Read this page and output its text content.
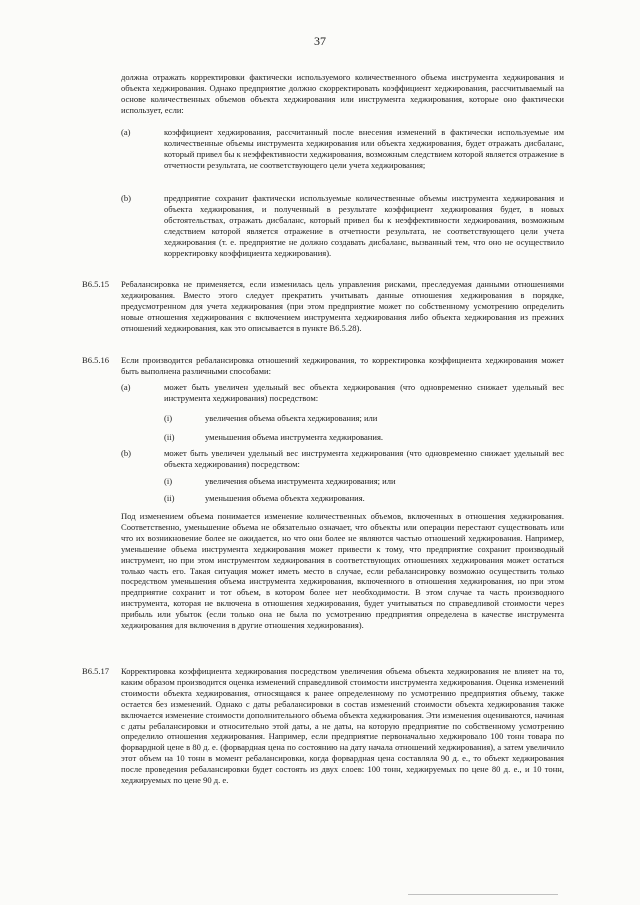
37
должна отражать корректировки фактически используемого количественного объема инструмента хеджирования и объекта хеджирования. Однако предприятие должно скорректировать коэффициент хеджирования, рассчитываемый на основе количественных объемов объекта хеджирования или инструмента хеджирования, которые оно фактически использует, если:
(a)	коэффициент хеджирования, рассчитанный после внесения изменений в фактически используемые им количественные объемы инструмента хеджирования или объекта хеджирования, будет отражать дисбаланс, который привел бы к неэффективности хеджирования, возможным следствием которой является отражение в отчетности результата, не соответствующего цели учета хеджирования;
(b)	предприятие сохранит фактически используемые количественные объемы инструмента хеджирования и объекта хеджирования, и полученный в результате коэффициент хеджирования будет, в новых обстоятельствах, отражать дисбаланс, который привел бы к неэффективности хеджирования, возможным следствием которой является отражение в отчетности результата, не соответствующего цели учета хеджирования (т. е. предприятие не должно создавать дисбаланс, вызванный тем, что оно не осуществило корректировку коэффициента хеджирования).
B6.5.15 Ребалансировка не применяется, если изменилась цель управления рисками, преследуемая данными отношениями хеджирования. Вместо этого следует прекратить учитывать данные отношения хеджирования в порядке, предусмотренном для учета хеджирования (при этом предприятие может по собственному усмотрению определить новые отношения хеджирования с включением инструмента хеджирования либо объекта хеджирования из прежних отношений хеджирования, как это описывается в пункте B6.5.28).
B6.5.16 Если производится ребалансировка отношений хеджирования, то корректировка коэффициента хеджирования может быть выполнена различными способами:
(a)	может быть увеличен удельный вес объекта хеджирования (что одновременно снижает удельный вес инструмента хеджирования) посредством:
(i)	увеличения объема объекта хеджирования; или
(ii)	уменьшения объема инструмента хеджирования.
(b)	может быть увеличен удельный вес инструмента хеджирования (что одновременно снижает удельный вес объекта хеджирования) посредством:
(i)	увеличения объема инструмента хеджирования; или
(ii)	уменьшения объема объекта хеджирования.
Под изменением объема понимается изменение количественных объемов, включенных в отношения хеджирования. Соответственно, уменьшение объема не обязательно означает, что объекты или операции перестают существовать или что их возникновение более не ожидается, но что они более не являются частью отношений хеджирования. Например, уменьшение объема инструмента хеджирования может привести к тому, что предприятие сохранит производный инструмент, но при этом инструментом хеджирования в соответствующих отношениях хеджирования может остаться только часть его. Такая ситуация может иметь место в случае, если ребалансировку возможно осуществить только посредством уменьшения объема инструмента хеджирования, включенного в отношения хеджирования, но при этом предприятие сохранит и тот объем, в котором более нет необходимости. В этом случае та часть производного инструмента, которая не включена в отношения хеджирования, будет учитываться по справедливой стоимости через прибыль или убыток (если только она не была по усмотрению предприятия определена в качестве инструмента хеджирования для включения в другие отношения хеджирования).
B6.5.17 Корректировка коэффициента хеджирования посредством увеличения объема объекта хеджирования не влияет на то, каким образом производится оценка изменений справедливой стоимости инструмента хеджирования. Оценка изменений стоимости объекта хеджирования, относящаяся к ранее определенному по усмотрению предприятия объему, также остается без изменений. Однако с даты ребалансировки в состав изменений стоимости объекта хеджирования также включается изменение стоимости дополнительного объема объекта хеджирования. Эти изменения оцениваются, начиная с даты ребалансировки и относительно этой даты, а не даты, на которую предприятие по собственному усмотрению определило отношения хеджирования. Например, если предприятие первоначально хеджировало 100 тонн товара по форвардной цене в 80 д. е. (форвардная цена по состоянию на дату начала отношений хеджирования), а затем увеличило этот объем на 10 тонн в момент ребалансировки, когда форвардная цена составляла 90 д. е., то объект хеджирования после проведения ребалансировки будет состоять из двух слоев: 100 тонн, хеджируемых по цене 80 д. е., и 10 тонн, хеджируемых по цене 90 д. е.
